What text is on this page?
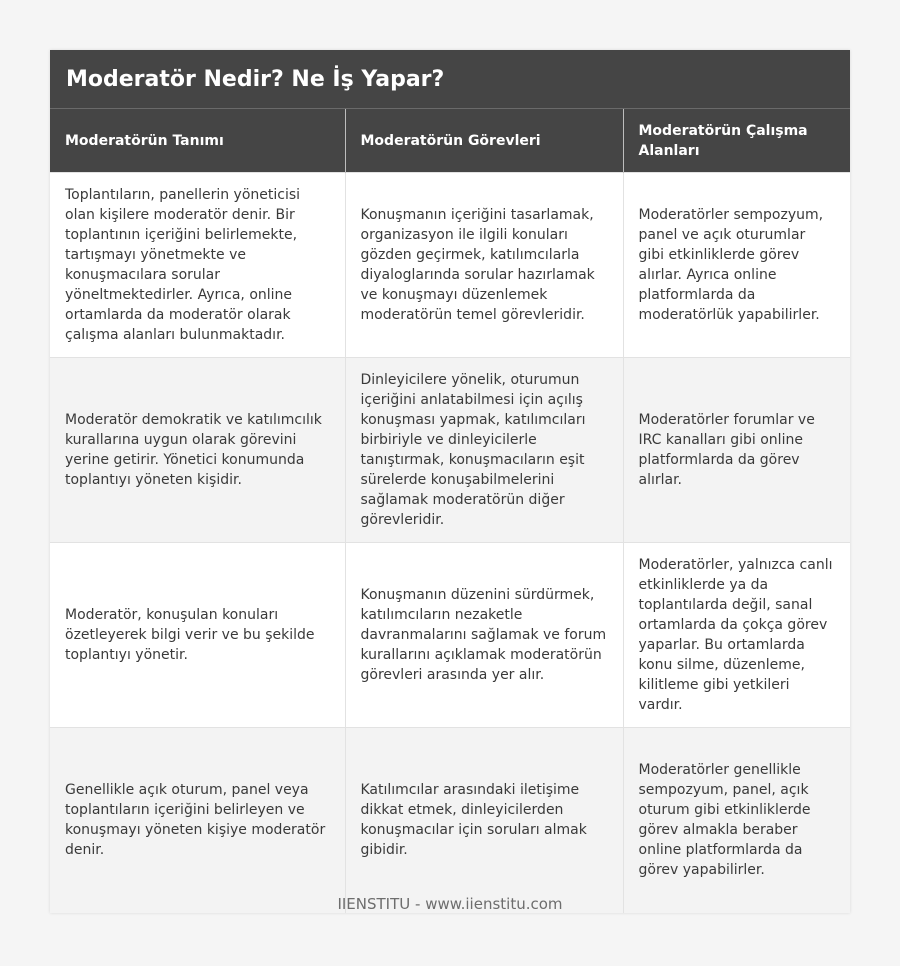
Moderatör Nedir? Ne İş Yapar?
Moderatörün Tanımı	Moderatörün Görevleri	Moderatörün Çalışma Alanları
Toplantıların, panellerin yöneticisi olan kişilere moderatör denir. Bir toplantının içeriğini belirlemekte, tartışmayı yönetmekte ve konuşmacılara sorular yöneltmektedirler. Ayrıca, online ortamlarda da moderatör olarak çalışma alanları bulunmaktadır.	Konuşmanın içeriğini tasarlamak, organizasyon ile ilgili konuları gözden geçirmek, katılımcılarla diyaloglarında sorular hazırlamak ve konuşmayı düzenlemek moderatörün temel görevleridir.	Moderatörler sempozyum, panel ve açık oturumlar gibi etkinliklerde görev alırlar. Ayrıca online platformlarda da moderatörlük yapabilirler.
Moderatör demokratik ve katılımcılık kurallarına uygun olarak görevini yerine getirir. Yönetici konumunda toplantıyı yöneten kişidir.	Dinleyicilere yönelik, oturumun içeriğini anlatabilmesi için açılış konuşması yapmak, katılımcıları birbiriyle ve dinleyicilerle tanıştırmak, konuşmacıların eşit sürelerde konuşabilmelerini sağlamak moderatörün diğer görevleridir.	Moderatörler forumlar ve IRC kanalları gibi online platformlarda da görev alırlar.
Moderatör, konuşulan konuları özetleyerek bilgi verir ve bu şekilde toplantıyı yönetir.	Konuşmanın düzenini sürdürmek, katılımcıların nezaketle davranmalarını sağlamak ve forum kurallarını açıklamak moderatörün görevleri arasında yer alır.	Moderatörler, yalnızca canlı etkinliklerde ya da toplantılarda değil, sanal ortamlarda da çokça görev yaparlar. Bu ortamlarda konu silme, düzenleme, kilitleme gibi yetkileri vardır.
Genellikle açık oturum, panel veya toplantıların içeriğini belirleyen ve konuşmayı yöneten kişiye moderatör denir.	Katılımcılar arasındaki iletişime dikkat etmek, dinleyicilerden konuşmacılar için soruları almak gibidir.	Moderatörler genellikle sempozyum, panel, açık oturum gibi etkinliklerde görev almakla beraber online platformlarda da görev yapabilirler.
IIENSTITU - www.iienstitu.com
